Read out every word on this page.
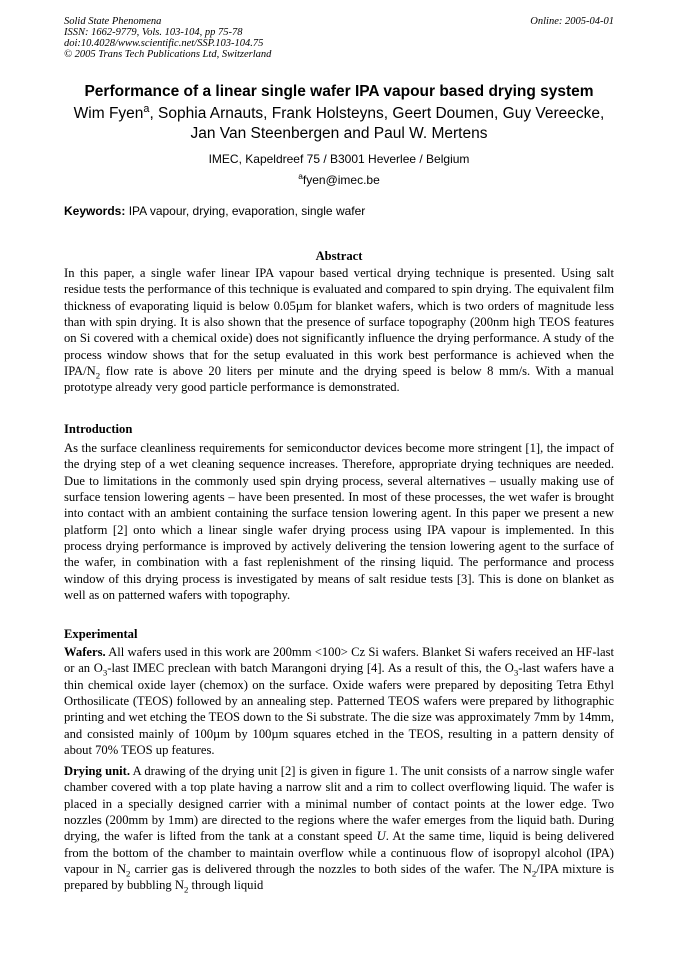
Solid State Phenomena
ISSN: 1662-9779, Vols. 103-104, pp 75-78
doi:10.4028/www.scientific.net/SSP.103-104.75
© 2005 Trans Tech Publications Ltd, Switzerland
Online: 2005-04-01
Performance of a linear single wafer IPA vapour based drying system
Wim Fyen$^a$, Sophia Arnauts, Frank Holsteyns, Geert Doumen, Guy Vereecke,
Jan Van Steenbergen and Paul W. Mertens
IMEC, Kapeldreef 75 / B3001 Heverlee / Belgium
$^a$fyen@imec.be
Keywords: IPA vapour, drying, evaporation, single wafer
Abstract
In this paper, a single wafer linear IPA vapour based vertical drying technique is presented. Using salt residue tests the performance of this technique is evaluated and compared to spin drying. The equivalent film thickness of evaporating liquid is below 0.05µm for blanket wafers, which is two orders of magnitude less than with spin drying. It is also shown that the presence of surface topography (200nm high TEOS features on Si covered with a chemical oxide) does not significantly influence the drying performance. A study of the process window shows that for the setup evaluated in this work best performance is achieved when the IPA/$N_2$ flow rate is above 20 liters per minute and the drying speed is below 8 mm/s. With a manual prototype already very good particle performance is demonstrated.
Introduction
As the surface cleanliness requirements for semiconductor devices become more stringent [1], the impact of the drying step of a wet cleaning sequence increases. Therefore, appropriate drying techniques are needed. Due to limitations in the commonly used spin drying process, several alternatives – usually making use of surface tension lowering agents – have been presented. In most of these processes, the wet wafer is brought into contact with an ambient containing the surface tension lowering agent. In this paper we present a new platform [2] onto which a linear single wafer drying process using IPA vapour is implemented. In this process drying performance is improved by actively delivering the tension lowering agent to the surface of the wafer, in combination with a fast replenishment of the rinsing liquid. The performance and process window of this drying process is investigated by means of salt residue tests [3]. This is done on blanket as well as on patterned wafers with topography.
Experimental
Wafers. All wafers used in this work are 200mm <100> Cz Si wafers. Blanket Si wafers received an HF-last or an $O_3$-last IMEC preclean with batch Marangoni drying [4]. As a result of this, the $O_3$-last wafers have a thin chemical oxide layer (chemox) on the surface. Oxide wafers were prepared by depositing Tetra Ethyl Orthosilicate (TEOS) followed by an annealing step. Patterned TEOS wafers were prepared by lithographic printing and wet etching the TEOS down to the Si substrate. The die size was approximately 7mm by 14mm, and consisted mainly of 100µm by 100µm squares etched in the TEOS, resulting in a pattern density of about 70% TEOS up features.
Drying unit. A drawing of the drying unit [2] is given in figure 1. The unit consists of a narrow single wafer chamber covered with a top plate having a narrow slit and a rim to collect overflowing liquid. The wafer is placed in a specially designed carrier with a minimal number of contact points at the lower edge. Two nozzles (200mm by 1mm) are directed to the regions where the wafer emerges from the liquid bath. During drying, the wafer is lifted from the tank at a constant speed U. At the same time, liquid is being delivered from the bottom of the chamber to maintain overflow while a continuous flow of isopropyl alcohol (IPA) vapour in $N_2$ carrier gas is delivered through the nozzles to both sides of the wafer. The $N_2$/IPA mixture is prepared by bubbling $N_2$ through liquid
